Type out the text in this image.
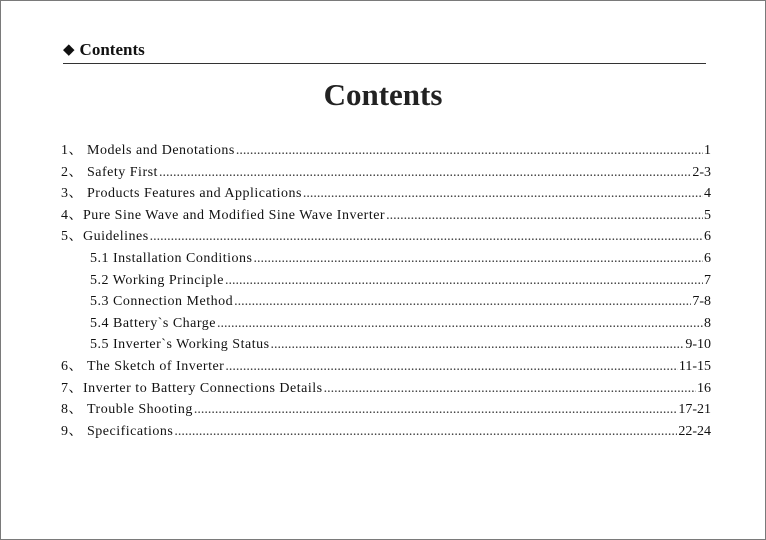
◆ Contents
Contents
1、 Models and Denotations .....	1
2、 Safety First .....	2-3
3、 Products Features and Applications .....	4
4、Pure Sine Wave and Modified Sine Wave Inverter .....	5
5、Guidelines .....	6
5.1 Installation Conditions .....	6
5.2 Working Principle .....	7
5.3 Connection Method .....	7-8
5.4 Battery`s Charge .....	8
5.5 Inverter`s Working Status .....	9-10
6、 The Sketch of Inverter .....	11-15
7、Inverter to Battery Connections Details .....	16
8、 Trouble Shooting .....	17-21
9、 Specifications .....	22-24
